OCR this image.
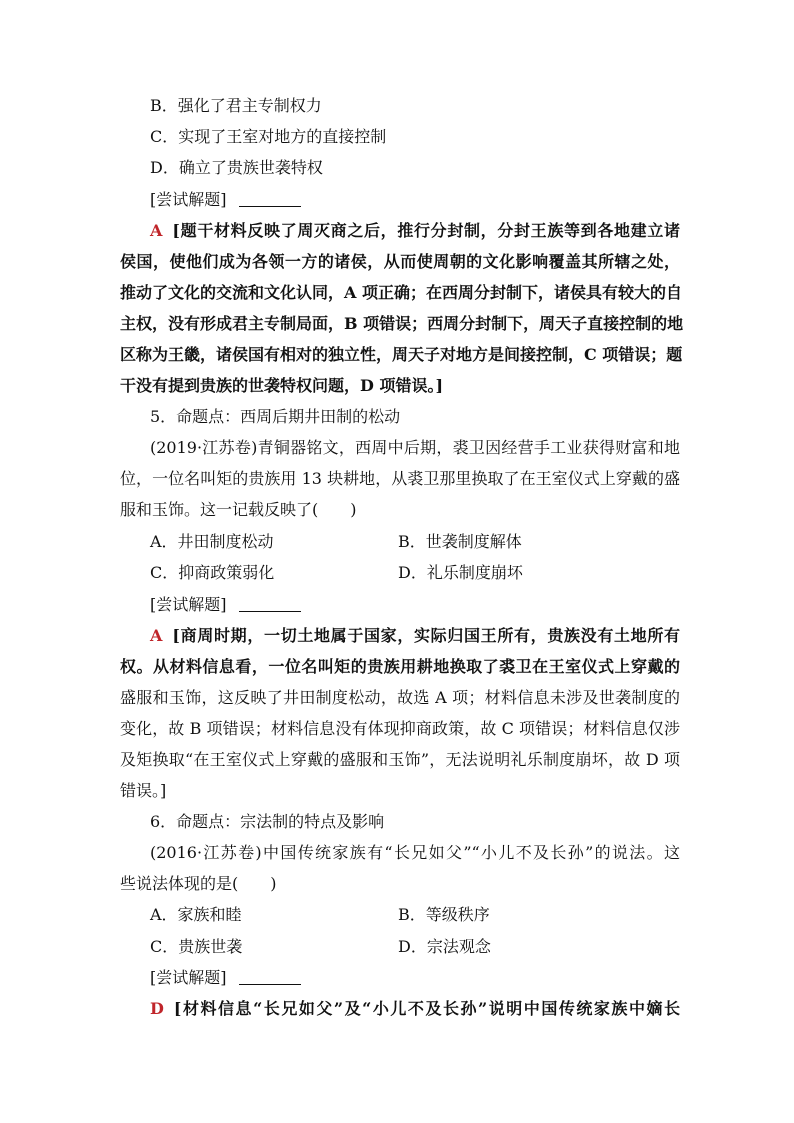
B．强化了君主专制权力
C．实现了王室对地方的直接控制
D．确立了贵族世袭特权
[尝试解题]
A [题干材料反映了周灭商之后，推行分封制，分封王族等到各地建立诸
侯国，使他们成为各领一方的诸侯，从而使周朝的文化影响覆盖其所辖之处，
推动了文化的交流和文化认同，A 项正确；在西周分封制下，诸侯具有较大的自
主权，没有形成君主专制局面，B 项错误；西周分封制下，周天子直接控制的地
区称为王畿，诸侯国有相对的独立性，周天子对地方是间接控制，C 项错误；题
干没有提到贵族的世袭特权问题，D 项错误。]
5．命题点：西周后期井田制的松动
(2019·江苏卷)青铜器铭文，西周中后期，裘卫因经营手工业获得财富和地
位，一位名叫矩的贵族用 13 块耕地，从裘卫那里换取了在王室仪式上穿戴的盛
服和玉饰。这一记载反映了(　　)
A．井田制度松动	B．世袭制度解体
C．抑商政策弱化	D．礼乐制度崩坏
[尝试解题]
A [商周时期，一切土地属于国家，实际归国王所有，贵族没有土地所有
权。从材料信息看，一位名叫矩的贵族用耕地换取了裘卫在王室仪式上穿戴的
盛服和玉饰，这反映了井田制度松动，故选 A 项；材料信息未涉及世袭制度的
变化，故 B 项错误；材料信息没有体现抑商政策，故 C 项错误；材料信息仅涉
及矩换取“在王室仪式上穿戴的盛服和玉饰”，无法说明礼乐制度崩坏，故 D 项
错误。]
6．命题点：宗法制的特点及影响
(2016·江苏卷)中国传统家族有“长兄如父”“小儿不及长孙”的说法。这
些说法体现的是(　　)
A．家族和睦	B．等级秩序
C．贵族世袭	D．宗法观念
[尝试解题]
D [材料信息“长兄如父”及“小儿不及长孙”说明中国传统家族中嫡长
